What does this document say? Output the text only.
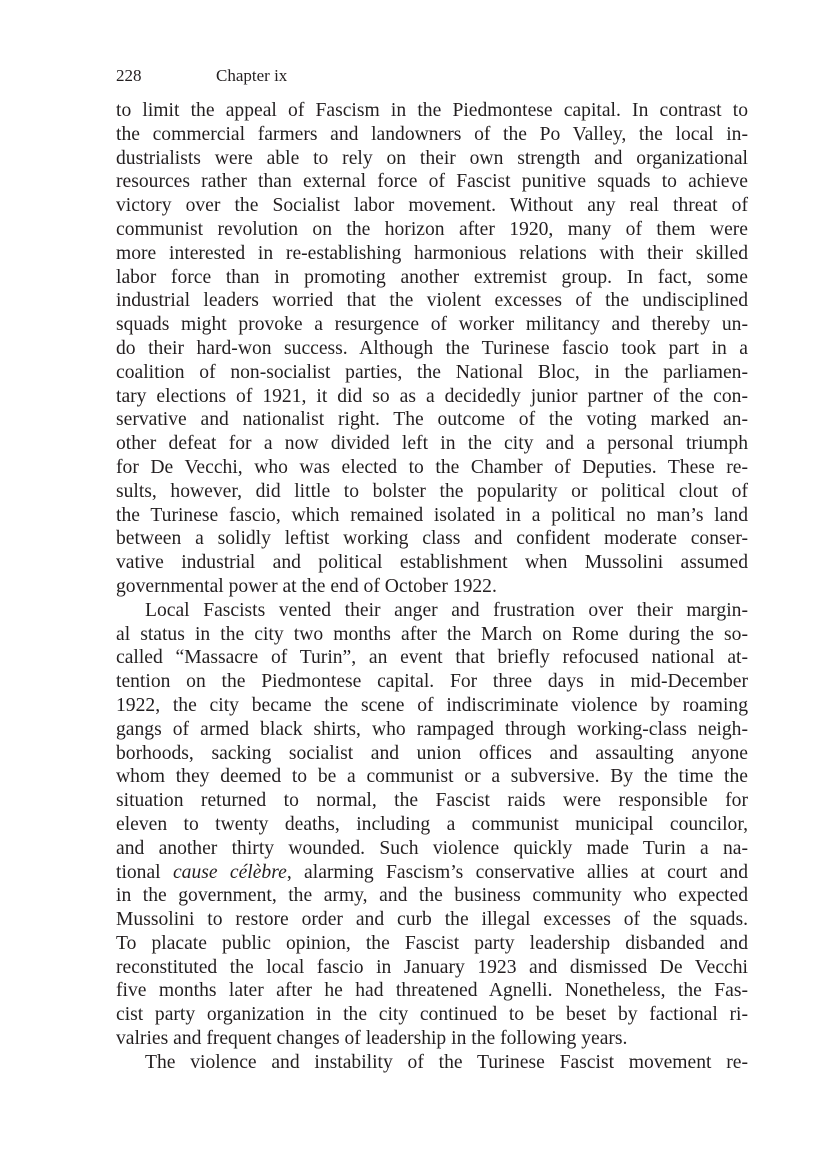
228	Chapter ix
to limit the appeal of Fascism in the Piedmontese capital. In contrast to
the commercial farmers and landowners of the Po Valley, the local in-
dustrialists were able to rely on their own strength and organizational
resources rather than external force of Fascist punitive squads to achieve
victory over the Socialist labor movement. Without any real threat of
communist revolution on the horizon after 1920, many of them were
more interested in re-establishing harmonious relations with their skilled
labor force than in promoting another extremist group. In fact, some
industrial leaders worried that the violent excesses of the undisciplined
squads might provoke a resurgence of worker militancy and thereby un-
do their hard-won success. Although the Turinese fascio took part in a
coalition of non-socialist parties, the National Bloc, in the parliamen-
tary elections of 1921, it did so as a decidedly junior partner of the con-
servative and nationalist right. The outcome of the voting marked an-
other defeat for a now divided left in the city and a personal triumph
for De Vecchi, who was elected to the Chamber of Deputies. These re-
sults, however, did little to bolster the popularity or political clout of
the Turinese fascio, which remained isolated in a political no man’s land
between a solidly leftist working class and confident moderate conser-
vative industrial and political establishment when Mussolini assumed
governmental power at the end of October 1922.
Local Fascists vented their anger and frustration over their margin-
al status in the city two months after the March on Rome during the so-
called “Massacre of Turin”, an event that briefly refocused national at-
tention on the Piedmontese capital. For three days in mid-December
1922, the city became the scene of indiscriminate violence by roaming
gangs of armed black shirts, who rampaged through working-class neigh-
borhoods, sacking socialist and union offices and assaulting anyone
whom they deemed to be a communist or a subversive. By the time the
situation returned to normal, the Fascist raids were responsible for
eleven to twenty deaths, including a communist municipal councilor,
and another thirty wounded. Such violence quickly made Turin a na-
tional cause célèbre, alarming Fascism’s conservative allies at court and
in the government, the army, and the business community who expected
Mussolini to restore order and curb the illegal excesses of the squads.
To placate public opinion, the Fascist party leadership disbanded and
reconstituted the local fascio in January 1923 and dismissed De Vecchi
five months later after he had threatened Agnelli. Nonetheless, the Fas-
cist party organization in the city continued to be beset by factional ri-
valries and frequent changes of leadership in the following years.
The violence and instability of the Turinese Fascist movement re-
